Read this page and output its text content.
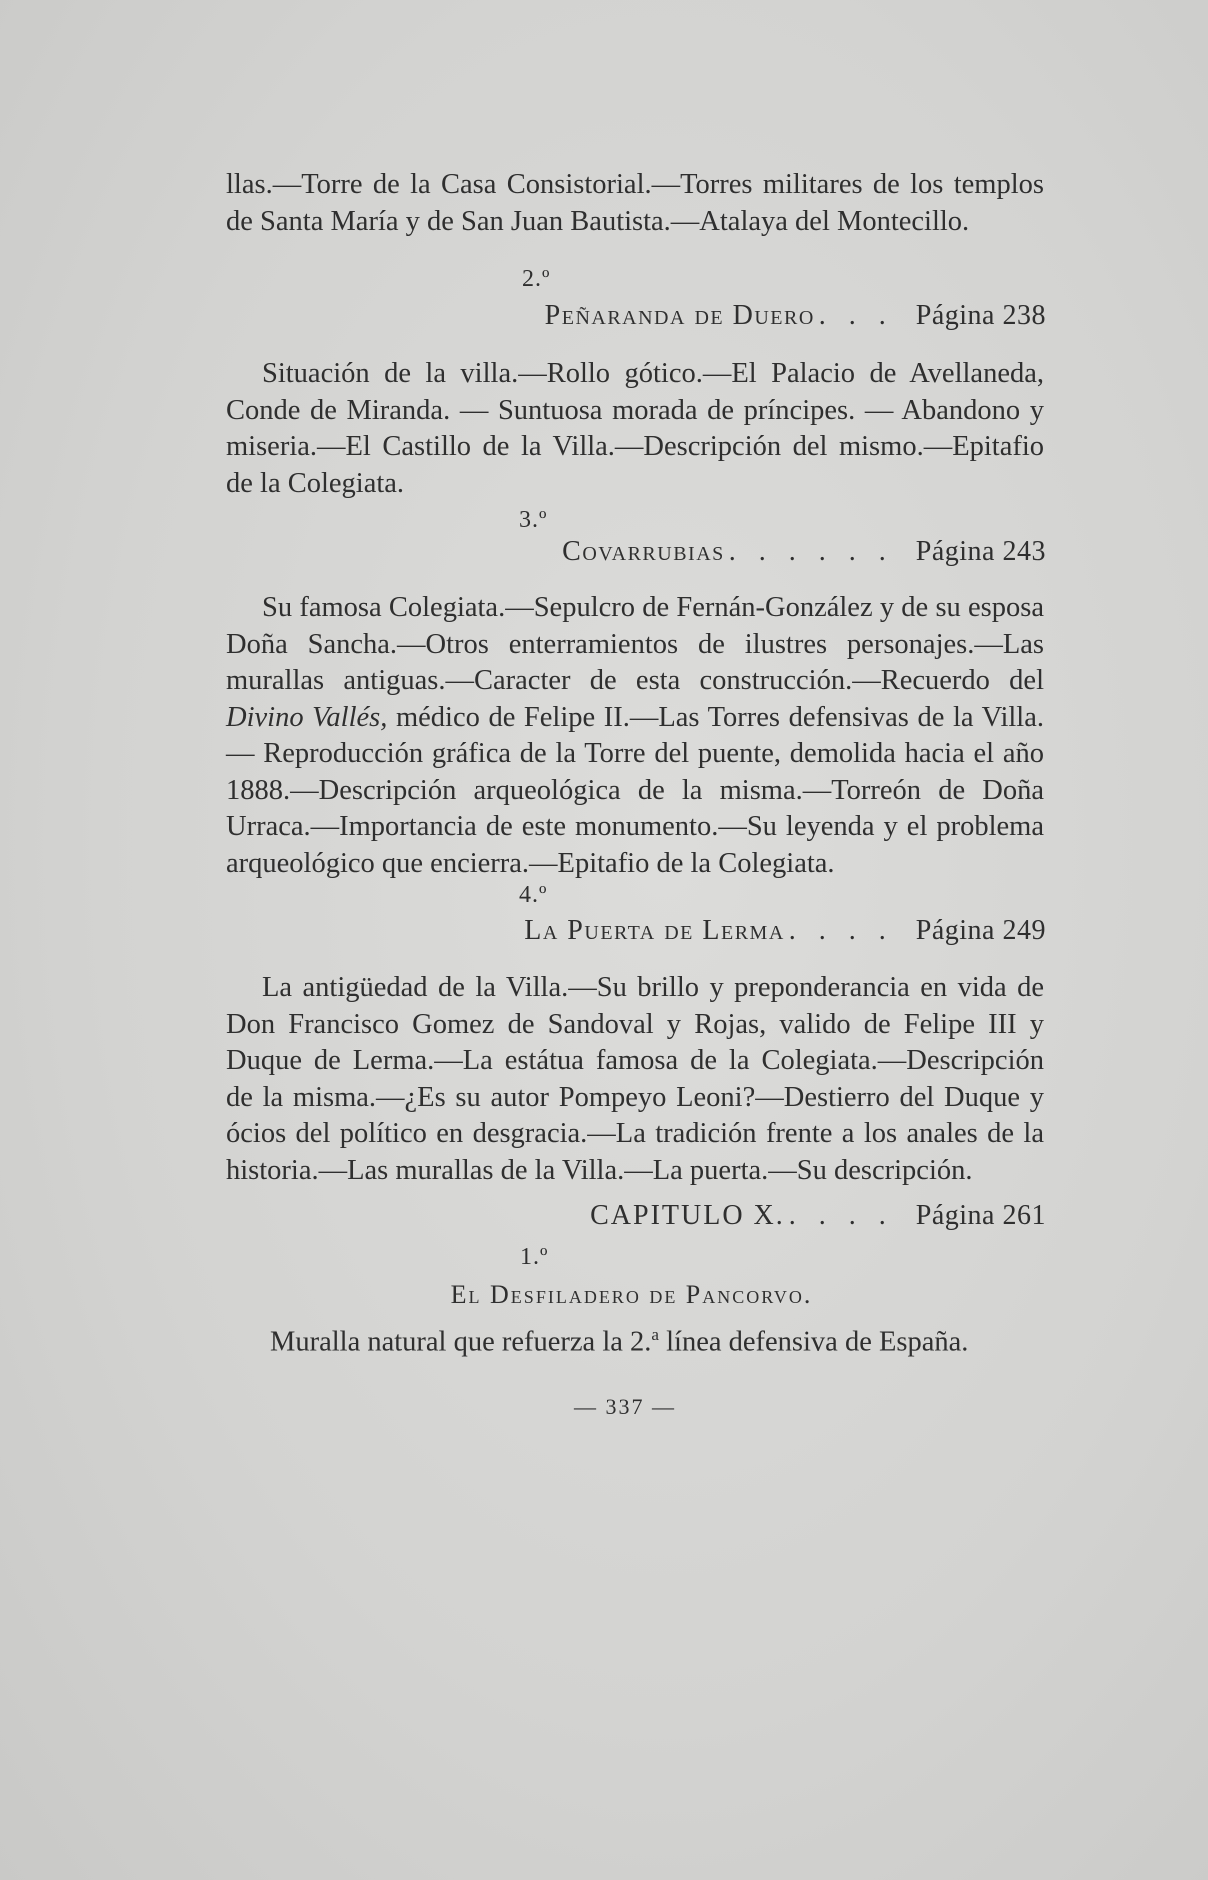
llas.—Torre de la Casa Consistorial.—Torres militares de los templos de Santa María y de San Juan Bautista.—Atalaya del Montecillo.

2.º
Peñaranda de Duero . . . Página 238

Situación de la villa.—Rollo gótico.—El Palacio de Avellaneda, Conde de Miranda. — Suntuosa morada de príncipes. — Abandono y miseria.—El Castillo de la Villa.—Descripción del mismo.—Epitafio de la Colegiata.

3.º
Covarrubias . . . . . . Página 243

Su famosa Colegiata.—Sepulcro de Fernán-González y de su esposa Doña Sancha.—Otros enterramientos de ilustres personajes.—Las murallas antiguas.—Caracter de esta construcción.—Recuerdo del Divino Vallés, médico de Felipe II.—Las Torres defensivas de la Villa. — Reproducción gráfica de la Torre del puente, demolida hacia el año 1888.—Descripción arqueológica de la misma.—Torreón de Doña Urraca.—Importancia de este monumento.—Su leyenda y el problema arqueológico que encierra.—Epitafio de la Colegiata.

4.º
La Puerta de Lerma . . . . Página 249

La antigüedad de la Villa.—Su brillo y preponderancia en vida de Don Francisco Gomez de Sandoval y Rojas, valido de Felipe III y Duque de Lerma.—La estátua famosa de la Colegiata.—Descripción de la misma.—¿Es su autor Pompeyo Leoni?—Destierro del Duque y ócios del político en desgracia.—La tradición frente a los anales de la historia.—Las murallas de la Villa.—La puerta.—Su descripción.

CAPITULO X. . . . . Página 261
1.º
El Desfiladero de Pancorvo.
Muralla natural que refuerza la 2.$^a$ línea defensiva de España.
— 337 —
